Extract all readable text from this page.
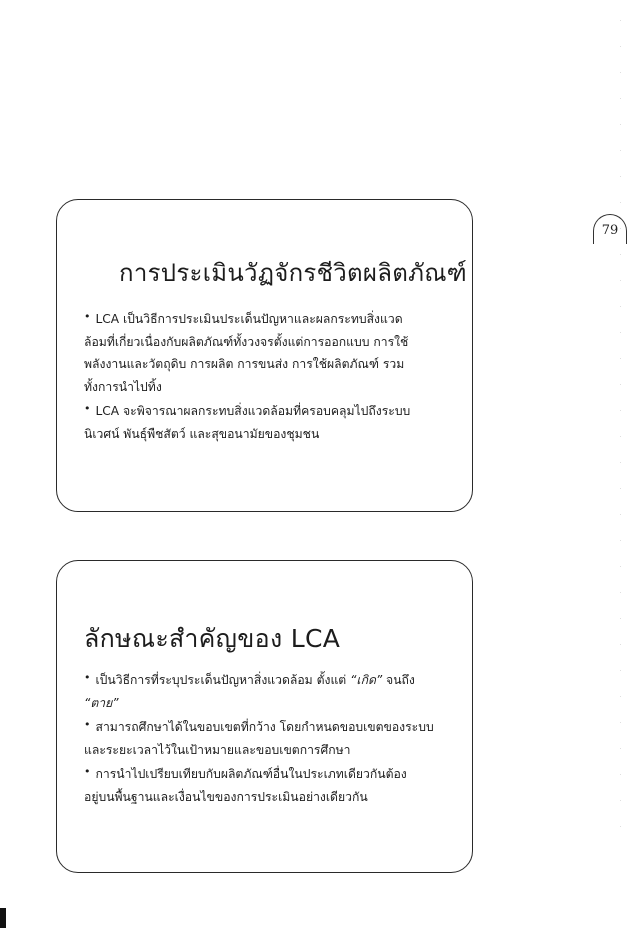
79
การประเมินวัฏจักรชีวิตผลิตภัณฑ์
• LCA เป็นวิธีการประเมินประเด็นปัญหาและผลกระทบสิ่งแวด
ล้อมที่เกี่ยวเนื่องกับผลิตภัณฑ์ทั้งวงจรตั้งแต่การออกแบบ การใช้
พลังงานและวัตถุดิบ การผลิต การขนส่ง การใช้ผลิตภัณฑ์ รวม
ทั้งการนำไปทิ้ง
• LCA จะพิจารณาผลกระทบสิ่งแวดล้อมที่ครอบคลุมไปถึงระบบ
นิเวศน์ พันธุ์พืชสัตว์ และสุขอนามัยของชุมชน
ลักษณะสำคัญของ LCA
• เป็นวิธีการที่ระบุประเด็นปัญหาสิ่งแวดล้อม ตั้งแต่ “เกิด” จนถึง
“ตาย”
• สามารถศึกษาได้ในขอบเขตที่กว้าง โดยกำหนดขอบเขตของระบบ
และระยะเวลาไว้ในเป้าหมายและขอบเขตการศึกษา
• การนำไปเปรียบเทียบกับผลิตภัณฑ์อื่นในประเภทเดียวกันต้อง
อยู่บนพื้นฐานและเงื่อนไขของการประเมินอย่างเดียวกัน
